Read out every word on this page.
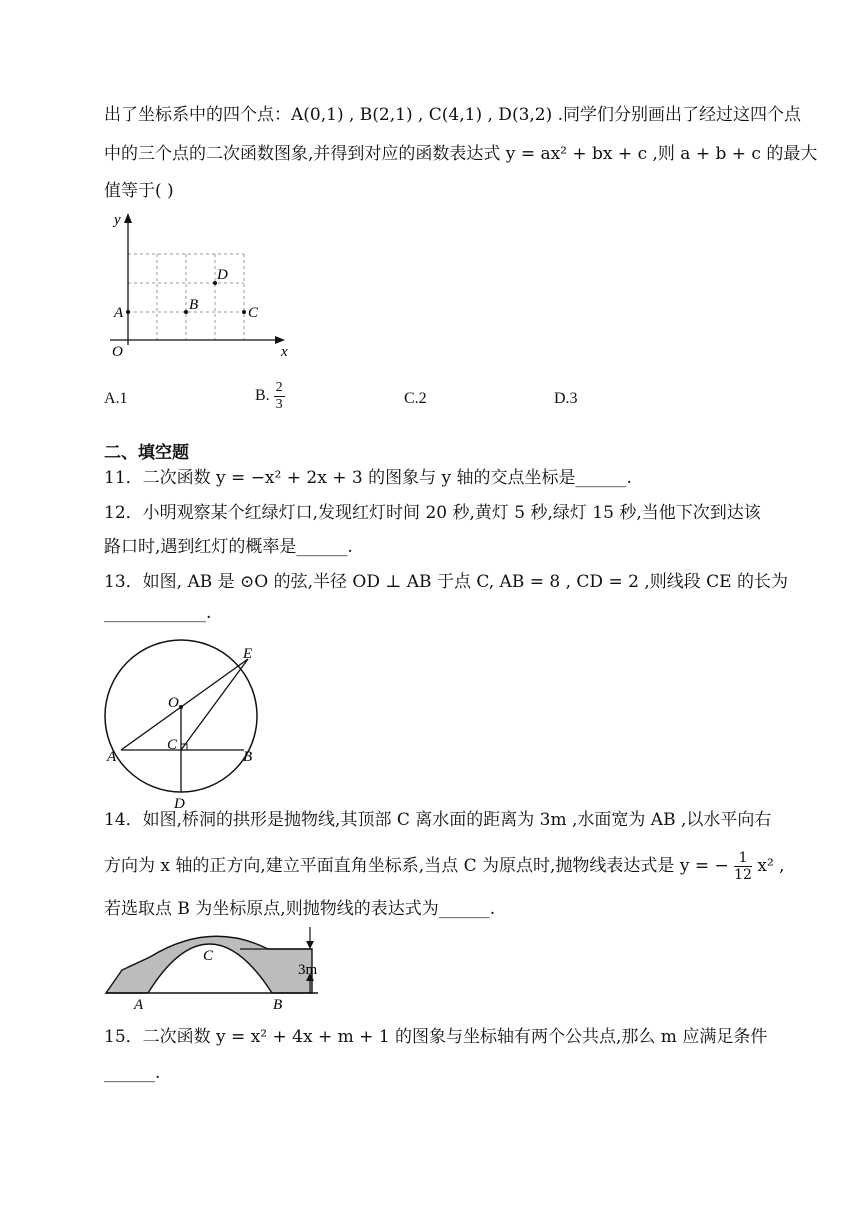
出了坐标系中的四个点：A(0,1) , B(2,1) , C(4,1) , D(3,2) .同学们分别画出了经过这四个点
中的三个点的二次函数图象,并得到对应的函数表达式 y = ax² + bx + c ,则 a + b + c 的最大
值等于( )
y
x
O
A	B	C
D
A.1	B. $\frac{2}{3}$	C.2	D.3
二、填空题
11．二次函数 y = −x² + 2x + 3 的图象与 y 轴的交点坐标是______.
12．小明观察某个红绿灯口,发现红灯时间 20 秒,黄灯 5 秒,绿灯 15 秒,当他下次到达该
路口时,遇到红灯的概率是______.
13．如图, AB 是 ⊙O 的弦,半径 OD ⊥ AB 于点 C, AB = 8 , CD = 2 ,则线段 CE 的长为
____________.
E
O
A
C
B
D
14．如图,桥洞的拱形是抛物线,其顶部 C 离水面的距离为 3m ,水面宽为 AB ,以水平向右
方向为 x 轴的正方向,建立平面直角坐标系,当点 C 为原点时,抛物线表达式是 y = − $\frac{1}{12} x^2$ ,
若选取点 B 为坐标原点,则抛物线的表达式为______.
C
3m
A	B
15．二次函数 y = x² + 4x + m + 1 的图象与坐标轴有两个公共点,那么 m 应满足条件
______.
